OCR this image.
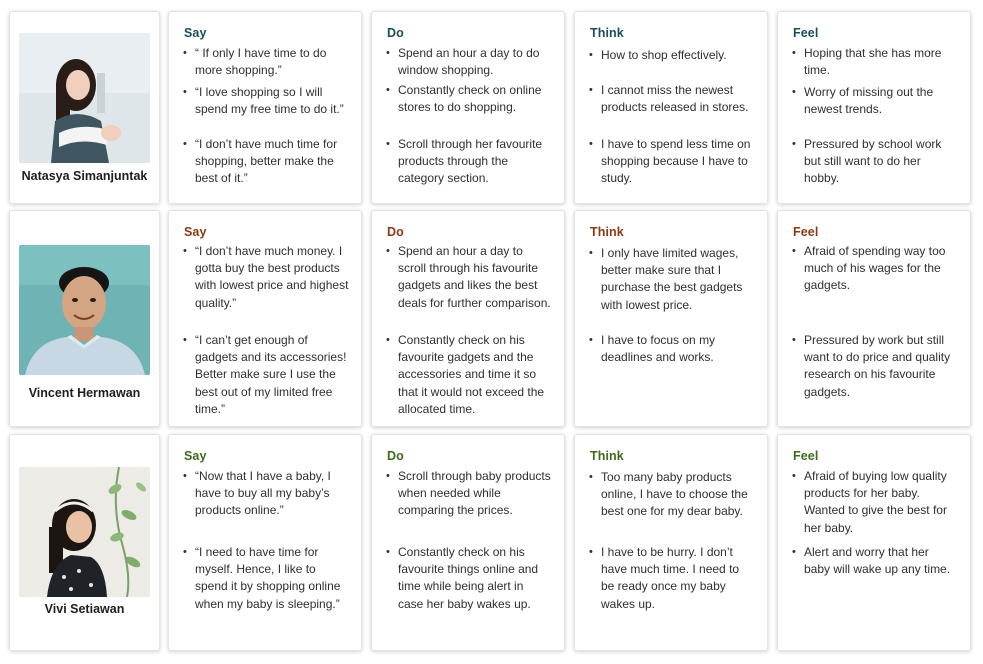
Natasya Simanjuntak
Say
• “ If only I have time to do more shopping.”
• “I love shopping so I will spend my free time to do it.”
• “I don’t have much time for shopping, better make the best of it.”
Do
• Spend an hour a day to do window shopping.
• Constantly check on online stores to do shopping.
• Scroll through her favourite products through the category section.
Think
• How to shop effectively.
• I cannot miss the newest products released in stores.
• I have to spend less time on shopping because I have to study.
Feel
• Hoping that she has more time.
• Worry of missing out the newest trends.
• Pressured by school work but still want to do her hobby.
Vincent Hermawan
Say
• “I don’t have much money. I gotta buy the best products with lowest price and highest quality.”
• “I can’t get enough of gadgets and its accessories! Better make sure I use the best out of my limited free time.”
Do
• Spend an hour a day to scroll through his favourite gadgets and likes the best deals for further comparison.
• Constantly check on his favourite gadgets and the accessories and time it so that it would not exceed the allocated time.
Think
• I only have limited wages, better make sure that I purchase the best gadgets with lowest price.
• I have to focus on my deadlines and works.
Feel
• Afraid of spending way too much of his wages for the gadgets.
• Pressured by work but still want to do price and quality research on his favourite gadgets.
Vivi Setiawan
Say
• “Now that I have a baby, I have to buy all my baby’s products online.”
• “I need to have time for myself. Hence, I like to spend it by shopping online when my baby is sleeping.”
Do
• Scroll through baby products when needed while comparing the prices.
• Constantly check on his favourite things online and time while being alert in case her baby wakes up.
Think
• Too many baby products online, I have to choose the best one for my dear baby.
• I have to be hurry. I don’t have much time. I need to be ready once my baby wakes up.
Feel
• Afraid of buying low quality products for her baby. Wanted to give the best for her baby.
• Alert and worry that her baby will wake up any time.
